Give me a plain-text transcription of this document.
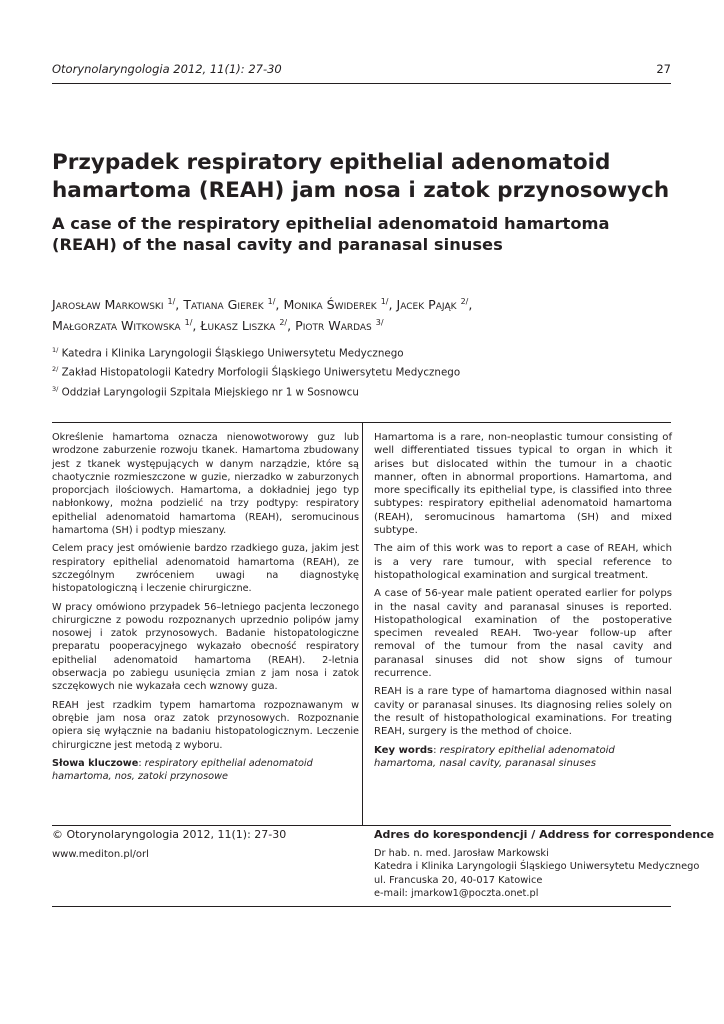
Otorynolaryngologia 2012, 11(1): 27-30	27
Przypadek respiratory epithelial adenomatoid hamartoma (REAH) jam nosa i zatok przynosowych
A case of the respiratory epithelial adenomatoid hamartoma (REAH) of the nasal cavity and paranasal sinuses
Jarosław Markowski $^{1/}$, Tatiana Gierek $^{1/}$, Monika Świderek $^{1/}$, Jacek Pająk $^{2/}$,
Małgorzata Witkowska $^{1/}$, Łukasz Liszka $^{2/}$, Piotr Wardas $^{3/}$
$^{1/}$ Katedra i Klinika Laryngologii Śląskiego Uniwersytetu Medycznego
$^{2/}$ Zakład Histopatologii Katedry Morfologii Śląskiego Uniwersytetu Medycznego
$^{3/}$ Oddział Laryngologii Szpitala Miejskiego nr 1 w Sosnowcu

Określenie hamartoma oznacza nienowotworowy guz lub wrodzone zaburzenie rozwoju tkanek. Hamartoma zbudowany jest z tkanek występujących w danym narządzie, które są chaotycznie rozmieszczone w guzie, nierzadko w zaburzonych proporcjach ilościowych. Hamartoma, a dokładniej jego typ nabłonkowy, można podzielić na trzy podtypy: respiratory epithelial adenomatoid hamartoma (REAH), seromucinous hamartoma (SH) i podtyp mieszany.

Celem pracy jest omówienie bardzo rzadkiego guza, jakim jest respiratory epithelial adenomatoid hamartoma (REAH), ze szczególnym zwróceniem uwagi na diagnostykę histopatologiczną i leczenie chirurgiczne.

W pracy omówiono przypadek 56–letniego pacjenta leczonego chirurgiczne z powodu rozpoznanych uprzednio polipów jamy nosowej i zatok przynosowych. Badanie histopatologiczne preparatu pooperacyjnego wykazało obecność respiratory epithelial adenomatoid hamartoma (REAH). 2-letnia obserwacja po zabiegu usunięcia zmian z jam nosa i zatok szczękowych nie wykazała cech wznowy guza.

REAH jest rzadkim typem hamartoma rozpoznawanym w obrębie jam nosa oraz zatok przynosowych. Rozpoznanie opiera się wyłącznie na badaniu histopatologicznym. Leczenie chirurgiczne jest metodą z wyboru.

Słowa kluczowe: respiratory epithelial adenomatoid hamartoma, nos, zatoki przynosowe

Hamartoma is a rare, non-neoplastic tumour consisting of well differentiated tissues typical to organ in which it arises but dislocated within the tumour in a chaotic manner, often in abnormal proportions. Hamartoma, and more specifically its epithelial type, is classified into three subtypes: respiratory epithelial adenomatoid hamartoma (REAH), seromucinous hamartoma (SH) and mixed subtype.

The aim of this work was to report a case of REAH, which is a very rare tumour, with special reference to histopathological examination and surgical treatment.

A case of 56-year male patient operated earlier for polyps in the nasal cavity and paranasal sinuses is reported. Histopathological examination of the postoperative specimen revealed REAH. Two-year follow-up after removal of the tumour from the nasal cavity and paranasal sinuses did not show signs of tumour recurrence.

REAH is a rare type of hamartoma diagnosed within nasal cavity or paranasal sinuses. Its diagnosing relies solely on the result of histopathological examinations. For treating REAH, surgery is the method of choice.

Key words: respiratory epithelial adenomatoid hamartoma, nasal cavity, paranasal sinuses

© Otorynolaryngologia 2012, 11(1): 27-30
www.mediton.pl/orl
Adres do korespondencji / Address for correspondence
Dr hab. n. med. Jarosław Markowski
Katedra i Klinika Laryngologii Śląskiego Uniwersytetu Medycznego
ul. Francuska 20, 40-017 Katowice
e-mail: jmarkow1@poczta.onet.pl
